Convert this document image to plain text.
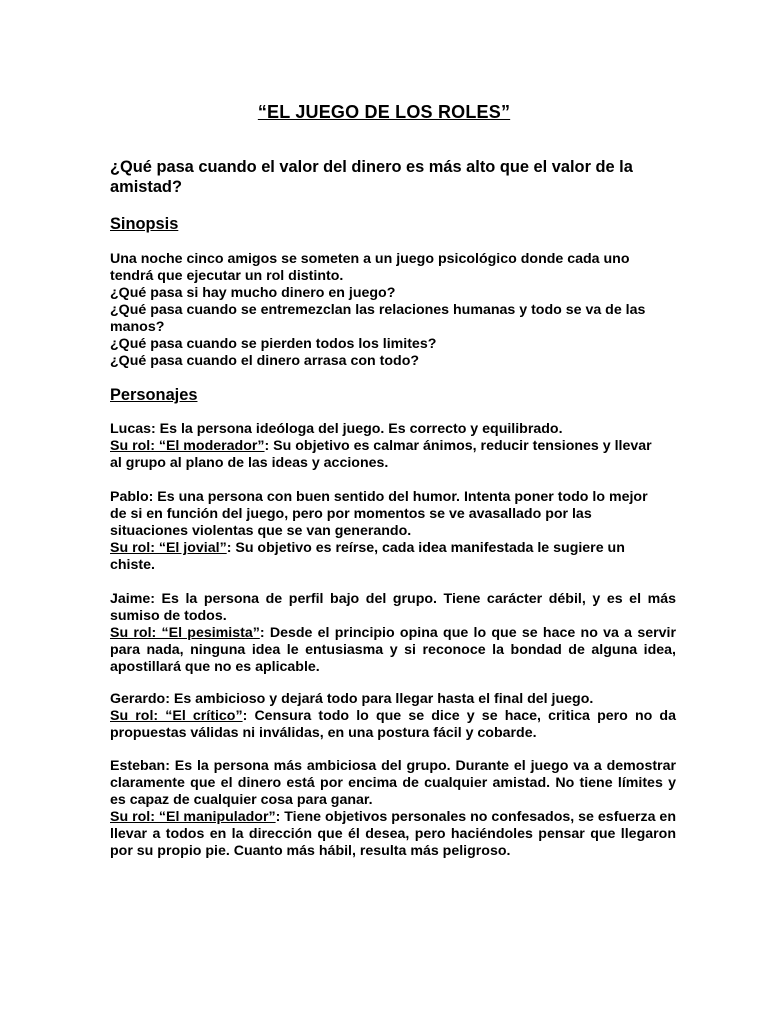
“EL JUEGO DE LOS ROLES”
¿Qué pasa cuando el valor del dinero es más alto que el valor de la amistad?
Sinopsis

Una noche cinco amigos se someten a un juego psicológico donde cada uno tendrá que ejecutar un rol distinto.

¿Qué pasa si hay mucho dinero en juego?

¿Qué pasa cuando se entremezclan las relaciones humanas y todo se va de las manos?

¿Qué pasa cuando se pierden todos los limites?

¿Qué pasa cuando el dinero arrasa con todo?

Personajes

Lucas: Es la persona ideóloga del juego. Es correcto y equilibrado.

Su rol: “El moderador”: Su objetivo es calmar ánimos, reducir tensiones y llevar al grupo al plano de las ideas y acciones.

Pablo: Es una persona con buen sentido del humor. Intenta poner todo lo mejor de si en función del juego, pero por momentos se ve avasallado por las situaciones violentas que se van generando.

Su rol: “El jovial”: Su objetivo es reírse, cada idea manifestada le sugiere un chiste.

Jaime: Es la persona de perfil bajo del grupo. Tiene carácter débil, y es el más sumiso de todos.

Su rol: “El pesimista”: Desde el principio opina que lo que se hace no va a servir para nada, ninguna idea le entusiasma y si reconoce la bondad de alguna idea, apostillará que no es aplicable.

Gerardo: Es ambicioso y dejará todo para llegar hasta el final del juego.

Su rol: “El crítico”: Censura todo lo que se dice y se hace, critica pero no da propuestas válidas ni inválidas, en una postura fácil y cobarde.

Esteban: Es la persona más ambiciosa del grupo. Durante el juego va a demostrar claramente que el dinero está por encima de cualquier amistad. No tiene límites y es capaz de cualquier cosa para ganar.

Su rol: “El manipulador”: Tiene objetivos personales no confesados, se esfuerza en llevar a todos en la dirección que él desea, pero haciéndoles pensar que llegaron por su propio pie. Cuanto más hábil, resulta más peligroso.
